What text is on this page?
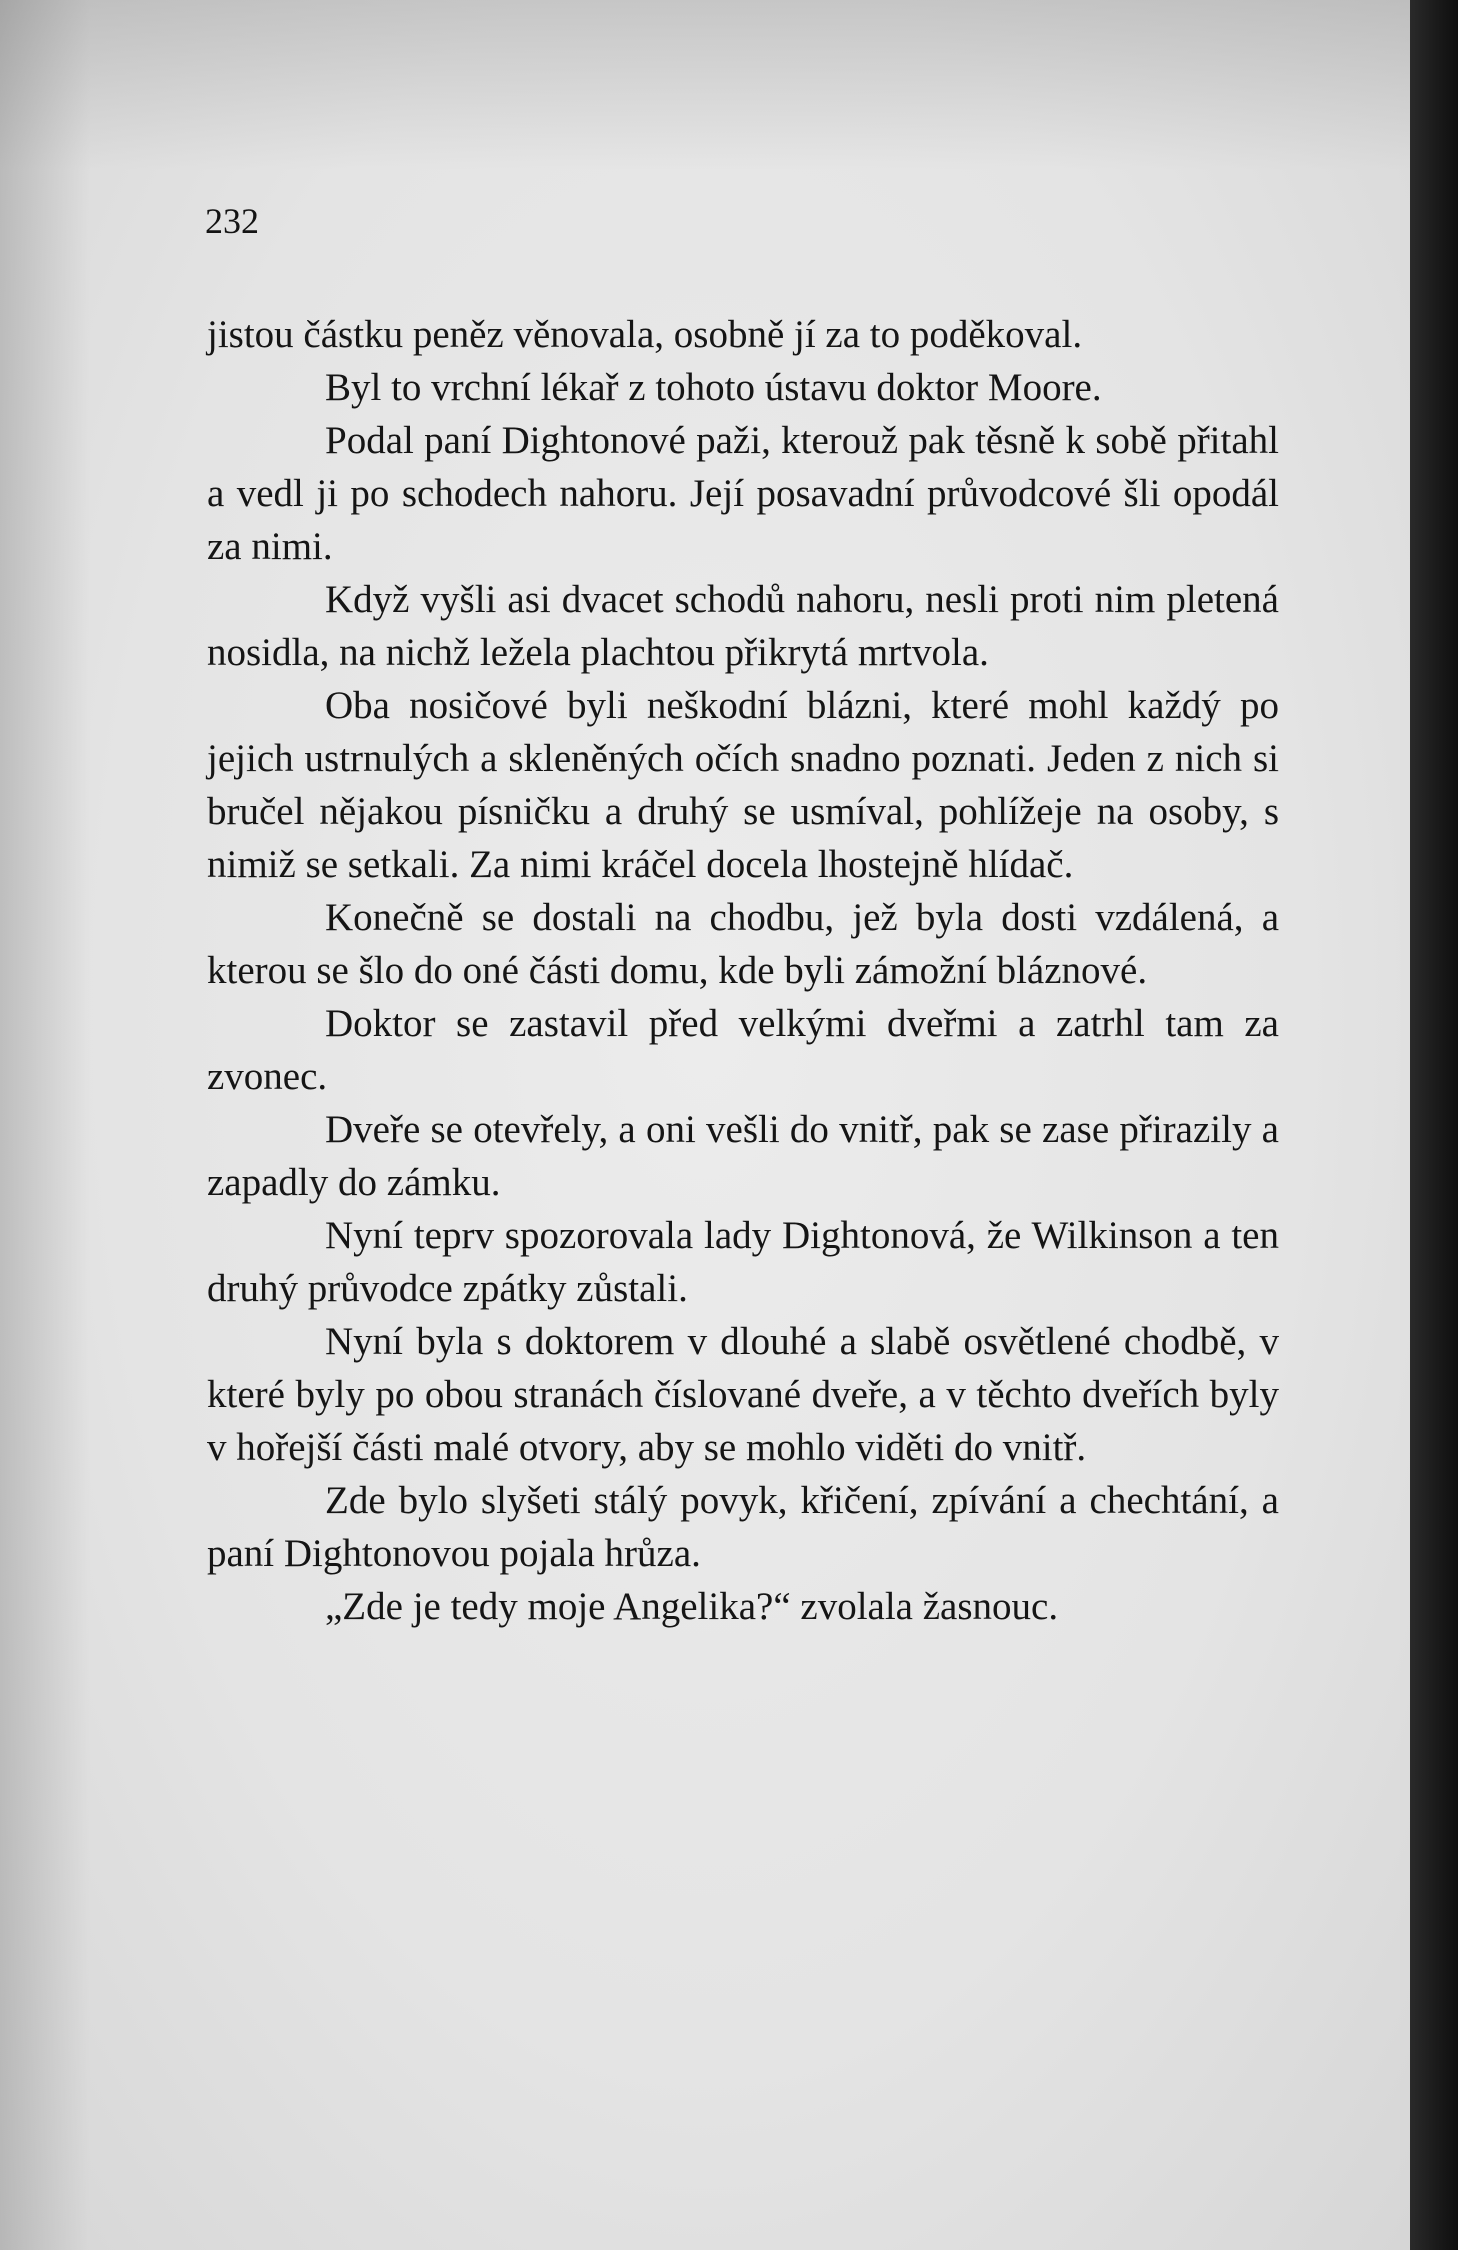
232

jistou částku peněz věnovala, osobně jí za to poděkoval.

Byl to vrchní lékař z tohoto ústavu doktor Moore.

Podal paní Dightonové paži, kterouž pak těsně k sobě přitahl a vedl ji po schodech nahoru. Její posavadní průvodcové šli opodál za nimi.

Když vyšli asi dvacet schodů nahoru, nesli proti nim pletená nosidla, na nichž ležela plachtou přikrytá mrtvola.

Oba nosičové byli neškodní blázni, které mohl každý po jejich ustrnulých a skleněných očích snadno poznati. Jeden z nich si bručel nějakou písničku a druhý se usmíval, pohlížeje na osoby, s nimiž se setkali. Za nimi kráčel docela lhostejně hlídač.

Konečně se dostali na chodbu, jež byla dosti vzdálená, a kterou se šlo do oné části domu, kde byli zámožní bláznové.

Doktor se zastavil před velkými dveřmi a zatrhl tam za zvonec.

Dveře se otevřely, a oni vešli do vnitř, pak se zase přirazily a zapadly do zámku.

Nyní teprv spozorovala lady Dightonová, že Wilkinson a ten druhý průvodce zpátky zůstali.

Nyní byla s doktorem v dlouhé a slabě osvětlené chodbě, v které byly po obou stranách číslované dveře, a v těchto dveřích byly v hořejší části malé otvory, aby se mohlo viděti do vnitř.

Zde bylo slyšeti stálý povyk, křičení, zpívání a chechtání, a paní Dightonovou pojala hrůza.

„Zde je tedy moje Angelika?“ zvolala žasnouc.
